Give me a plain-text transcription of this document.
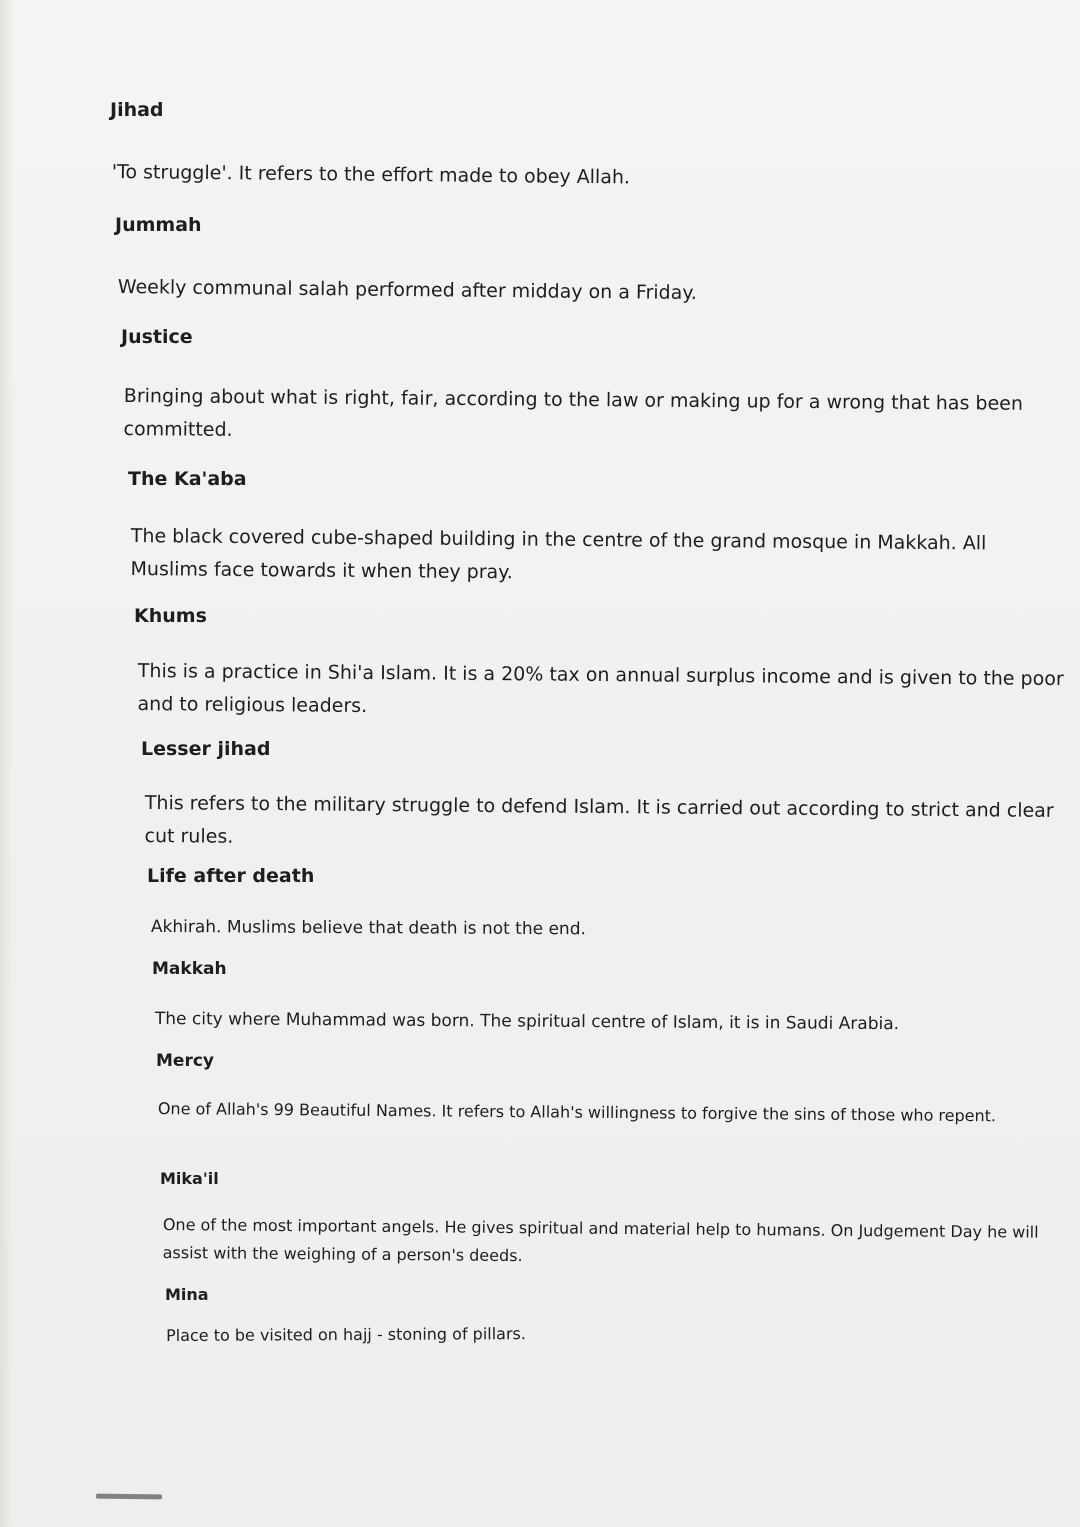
Jihad
'To struggle'. It refers to the effort made to obey Allah.
Jummah
Weekly communal salah performed after midday on a Friday.
Justice
Bringing about what is right, fair, according to the law or making up for a wrong that has been committed.
The Ka'aba
The black covered cube-shaped building in the centre of the grand mosque in Makkah. All Muslims face towards it when they pray.
Khums
This is a practice in Shi'a Islam. It is a 20% tax on annual surplus income and is given to the poor and to religious leaders.
Lesser jihad
This refers to the military struggle to defend Islam. It is carried out according to strict and clear cut rules.
Life after death
Akhirah. Muslims believe that death is not the end.
Makkah
The city where Muhammad was born. The spiritual centre of Islam, it is in Saudi Arabia.
Mercy
One of Allah's 99 Beautiful Names. It refers to Allah's willingness to forgive the sins of those who repent.
Mika'il
One of the most important angels. He gives spiritual and material help to humans. On Judgement Day he will assist with the weighing of a person's deeds.
Mina
Place to be visited on hajj - stoning of pillars.
